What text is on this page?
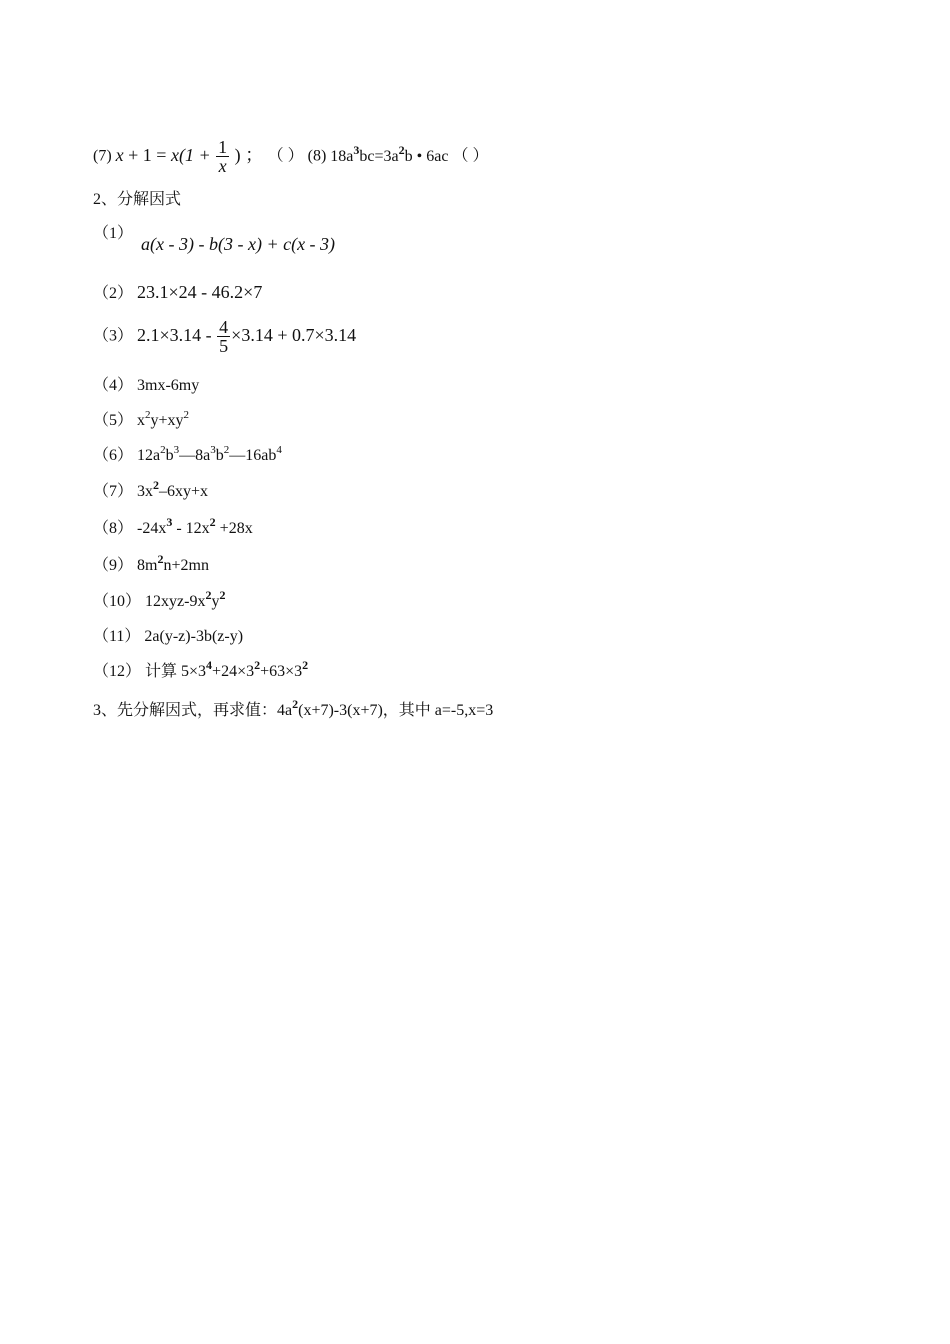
(7) $x + 1 = x(1 + \frac{1}{x}$ ) ； （ ） (8) $18a^3bc=3a^2b$ • 6ac （ ）
2、分解因式
（1）
a(x - 3) - b(3 - x) + c(x - 3)
（2） 23.1×24 - 46.2×7
（3） $2.1\times 3.14 - \frac{4}{5} \times 3.14 + 0.7\times 3.14$
（4） 3mx-6my
（5） $x^2y+xy^2$
（6） $12a^2b^3—8a^3b^2—16ab^4$
（7） $3x^2-6xy+x$
（8） $-24x^3 - 12x^2 +28x$
（9） $8m^2n+2mn$
（10） $12xyz-9x^2y^2$
（11） 2a(y-z)-3b(z-y)
（12） 计算 $5\times 3^4+24\times 3^2+63\times 3^2$
3、先分解因式，再求值：$4a^2(x+7)-3(x+7)$，其中 a=-5,x=3
